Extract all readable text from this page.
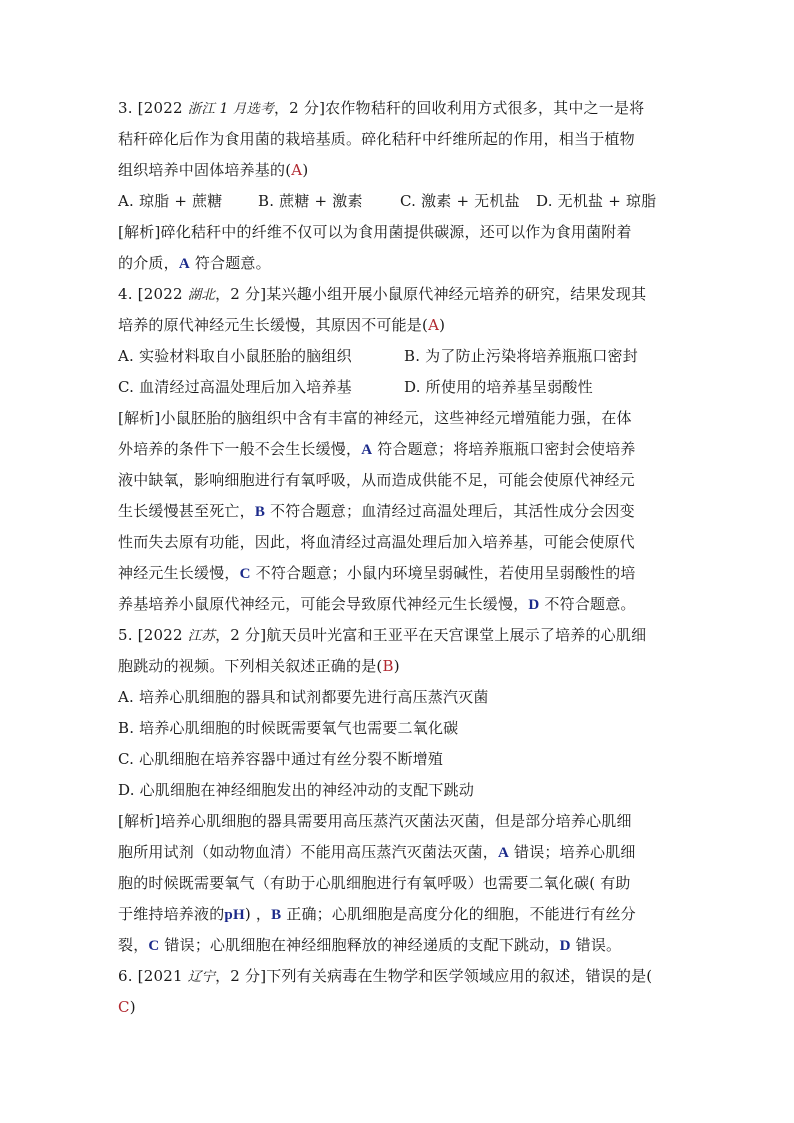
3. [2022 浙江 1 月选考，2 分]农作物秸秆的回收利用方式很多，其中之一是将
秸秆碎化后作为食用菌的栽培基质。碎化秸秆中纤维所起的作用，相当于植物
组织培养中固体培养基的(A)
A. 琼脂 + 蔗糖 B. 蔗糖 + 激素 C. 激素 + 无机盐 D. 无机盐 + 琼脂
[解析]碎化秸秆中的纤维不仅可以为食用菌提供碳源，还可以作为食用菌附着
的介质，A 符合题意。
4. [2022 湖北，2 分]某兴趣小组开展小鼠原代神经元培养的研究，结果发现其
培养的原代神经元生长缓慢，其原因不可能是(A)
A. 实验材料取自小鼠胚胎的脑组织	B. 为了防止污染将培养瓶瓶口密封
C. 血清经过高温处理后加入培养基	D. 所使用的培养基呈弱酸性
[解析]小鼠胚胎的脑组织中含有丰富的神经元，这些神经元增殖能力强，在体
外培养的条件下一般不会生长缓慢，A 符合题意；将培养瓶瓶口密封会使培养
液中缺氧，影响细胞进行有氧呼吸，从而造成供能不足，可能会使原代神经元
生长缓慢甚至死亡，B 不符合题意；血清经过高温处理后，其活性成分会因变
性而失去原有功能，因此，将血清经过高温处理后加入培养基，可能会使原代
神经元生长缓慢，C 不符合题意；小鼠内环境呈弱碱性，若使用呈弱酸性的培
养基培养小鼠原代神经元，可能会导致原代神经元生长缓慢，D 不符合题意。
5. [2022 江苏，2 分]航天员叶光富和王亚平在天宫课堂上展示了培养的心肌细
胞跳动的视频。下列相关叙述正确的是(B)
A. 培养心肌细胞的器具和试剂都要先进行高压蒸汽灭菌
B. 培养心肌细胞的时候既需要氧气也需要二氧化碳
C. 心肌细胞在培养容器中通过有丝分裂不断增殖
D. 心肌细胞在神经细胞发出的神经冲动的支配下跳动
[解析]培养心肌细胞的器具需要用高压蒸汽灭菌法灭菌，但是部分培养心肌细
胞所用试剂（如动物血清）不能用高压蒸汽灭菌法灭菌，A 错误；培养心肌细
胞的时候既需要氧气（有助于心肌细胞进行有氧呼吸）也需要二氧化碳( 有助
于维持培养液的pH) ，B 正确；心肌细胞是高度分化的细胞，不能进行有丝分
裂，C 错误；心肌细胞在神经细胞释放的神经递质的支配下跳动，D 错误。
6. [2021 辽宁，2 分]下列有关病毒在生物学和医学领域应用的叙述，错误的是(
C)
